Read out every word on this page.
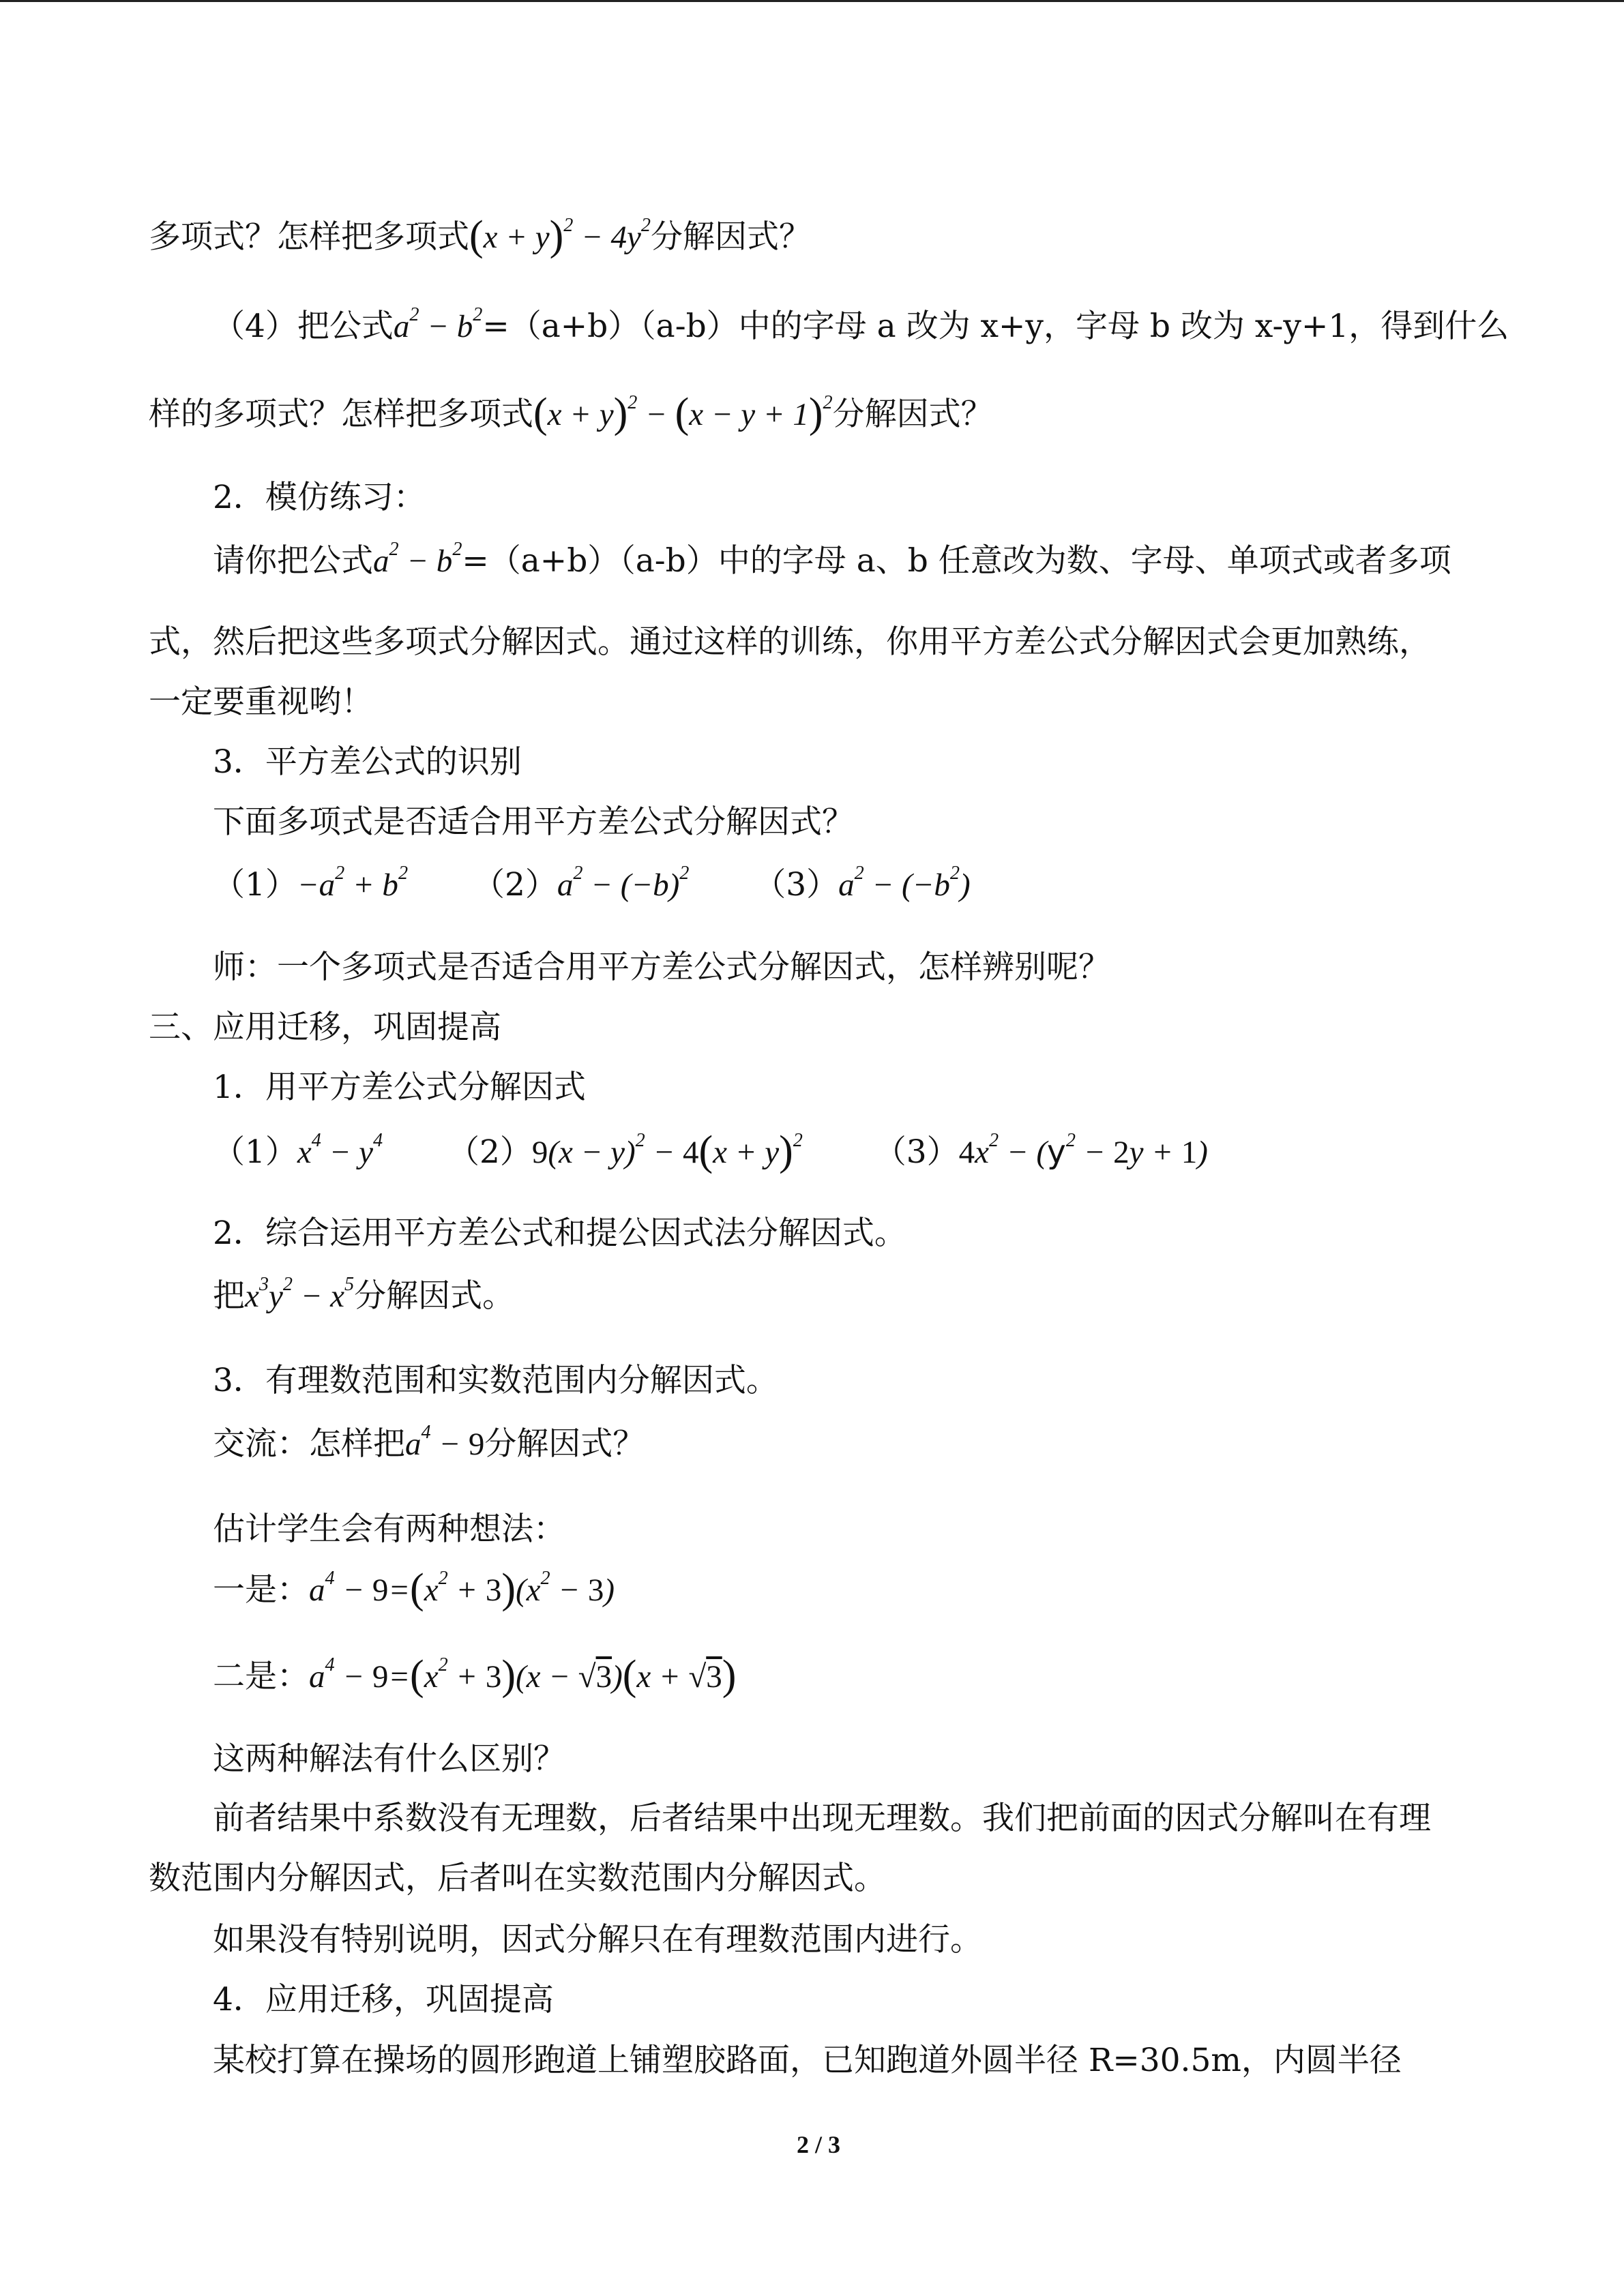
多项式？怎样把多项式$(x + y)^2 - 4y^2$分解因式？
（4）把公式$a^2 - b^2=(a+b)(a-b)$中的字母 a 改为 x+y，字母 b 改为 x-y+1，得到什么
样的多项式？怎样把多项式$(x + y)^2 - (x - y + 1)^2$分解因式？
2．模仿练习：
请你把公式$a^2 - b^2=(a+b)(a-b)$中的字母 a、b 任意改为数、字母、单项式或者多项
式，然后把这些多项式分解因式。通过这样的训练，你用平方差公式分解因式会更加熟练，
一定要重视哟！
3．平方差公式的识别
下面多项式是否适合用平方差公式分解因式？
$(1)-a^2 + b^2$ $(2)a^2 - (-b)^2$ $(3)a^2 - (-b^2)$
师：一个多项式是否适合用平方差公式分解因式，怎样辨别呢？
三、应用迁移，巩固提高
1．用平方差公式分解因式
$(1)x^4 - y^4$ $(2)9(x - y)^2 - 4(x + y)^2$ $(3)4x^2 - (y^2 - 2y + 1)$
2．综合运用平方差公式和提公因式法分解因式。
把$x^3y^2 - x^5$分解因式。
3．有理数范围和实数范围内分解因式。
交流：怎样把$a^4 - 9$分解因式？
估计学生会有两种想法：
一是：$a^4 - 9=(x^2 + 3)(x^2 - 3)$
二是：$a^4 - 9=(x^2 + 3)(x - √3)(x + √3)$
这两种解法有什么区别？
前者结果中系数没有无理数，后者结果中出现无理数。我们把前面的因式分解叫在有理
数范围内分解因式，后者叫在实数范围内分解因式。
如果没有特别说明，因式分解只在有理数范围内进行。
4．应用迁移，巩固提高
某校打算在操场的圆形跑道上铺塑胶路面，已知跑道外圆半径 R=30.5m，内圆半径
2 / 3
